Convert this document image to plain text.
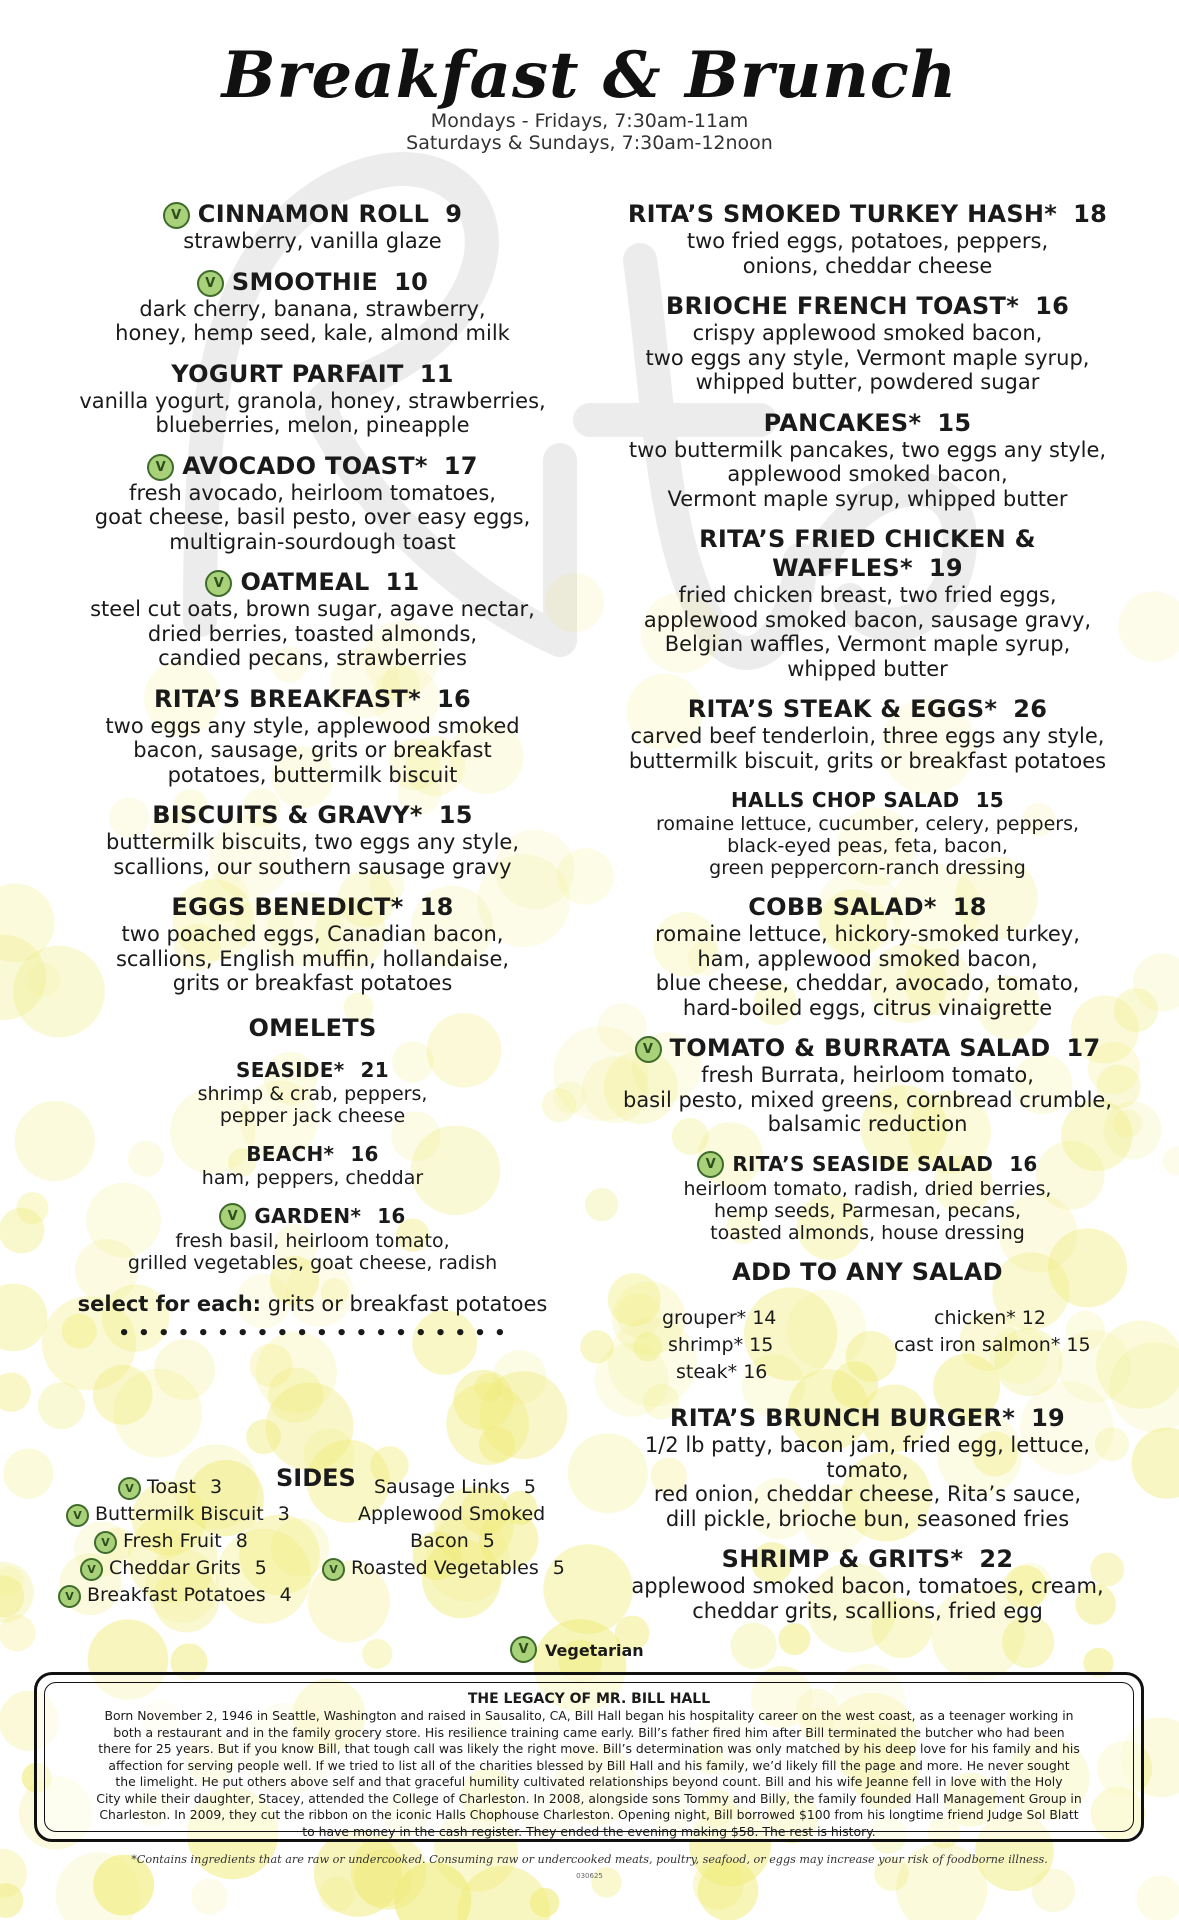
Breakfast & Brunch
Mondays - Fridays, 7:30am-11am
Saturdays & Sundays, 7:30am-12noon
V CINNAMON ROLL 9
strawberry, vanilla glaze
V SMOOTHIE 10
dark cherry, banana, strawberry,
honey, hemp seed, kale, almond milk
YOGURT PARFAIT 11
vanilla yogurt, granola, honey, strawberries,
blueberries, melon, pineapple
V AVOCADO TOAST* 17
fresh avocado, heirloom tomatoes,
goat cheese, basil pesto, over easy eggs,
multigrain-sourdough toast
V OATMEAL 11
steel cut oats, brown sugar, agave nectar,
dried berries, toasted almonds,
candied pecans, strawberries
RITA’S BREAKFAST* 16
two eggs any style, applewood smoked
bacon, sausage, grits or breakfast
potatoes, buttermilk biscuit
BISCUITS & GRAVY* 15
buttermilk biscuits, two eggs any style,
scallions, our southern sausage gravy
EGGS BENEDICT* 18
two poached eggs, Canadian bacon,
scallions, English muffin, hollandaise,
grits or breakfast potatoes
OMELETS
SEASIDE* 21
shrimp & crab, peppers,
pepper jack cheese
BEACH* 16
ham, peppers, cheddar
V GARDEN* 16
fresh basil, heirloom tomato,
grilled vegetables, goat cheese, radish
select for each: grits or breakfast potatoes
• • • • • • • • • • • • • • • • • • • •
SIDES
V Toast 3
V Buttermilk Biscuit 3
V Fresh Fruit 8
V Cheddar Grits 5
V Breakfast Potatoes 4
Sausage Links 5
Applewood Smoked
Bacon 5
V Roasted Vegetables 5
RITA’S SMOKED TURKEY HASH* 18
two fried eggs, potatoes, peppers,
onions, cheddar cheese
BRIOCHE FRENCH TOAST* 16
crispy applewood smoked bacon,
two eggs any style, Vermont maple syrup,
whipped butter, powdered sugar
PANCAKES* 15
two buttermilk pancakes, two eggs any style,
applewood smoked bacon,
Vermont maple syrup, whipped butter
RITA’S FRIED CHICKEN & WAFFLES* 19
fried chicken breast, two fried eggs,
applewood smoked bacon, sausage gravy,
Belgian waffles, Vermont maple syrup,
whipped butter
RITA’S STEAK & EGGS* 26
carved beef tenderloin, three eggs any style,
buttermilk biscuit, grits or breakfast potatoes
HALLS CHOP SALAD 15
romaine lettuce, cucumber, celery, peppers,
black-eyed peas, feta, bacon,
green peppercorn-ranch dressing
COBB SALAD* 18
romaine lettuce, hickory-smoked turkey,
ham, applewood smoked bacon,
blue cheese, cheddar, avocado, tomato,
hard-boiled eggs, citrus vinaigrette
V TOMATO & BURRATA SALAD 17
fresh Burrata, heirloom tomato,
basil pesto, mixed greens, cornbread crumble,
balsamic reduction
V RITA’S SEASIDE SALAD 16
heirloom tomato, radish, dried berries,
hemp seeds, Parmesan, pecans,
toasted almonds, house dressing
ADD TO ANY SALAD
grouper* 14
shrimp* 15
steak* 16
chicken* 12
cast iron salmon* 15
RITA’S BRUNCH BURGER* 19
1/2 lb patty, bacon jam, fried egg, lettuce, tomato,
red onion, cheddar cheese, Rita’s sauce,
dill pickle, brioche bun, seasoned fries
SHRIMP & GRITS* 22
applewood smoked bacon, tomatoes, cream,
cheddar grits, scallions, fried egg
V Vegetarian
THE LEGACY OF MR. BILL HALL
Born November 2, 1946 in Seattle, Washington and raised in Sausalito, CA, Bill Hall began his hospitality career on the west coast, as a teenager working in
both a restaurant and in the family grocery store. His resilience training came early. Bill’s father fired him after Bill terminated the butcher who had been
there for 25 years. But if you know Bill, that tough call was likely the right move. Bill’s determination was only matched by his deep love for his family and his
affection for serving people well. If we tried to list all of the charities blessed by Bill Hall and his family, we’d likely fill the page and more. He never sought
the limelight. He put others above self and that graceful humility cultivated relationships beyond count. Bill and his wife Jeanne fell in love with the Holy
City while their daughter, Stacey, attended the College of Charleston. In 2008, alongside sons Tommy and Billy, the family founded Hall Management Group in
Charleston. In 2009, they cut the ribbon on the iconic Halls Chophouse Charleston. Opening night, Bill borrowed $100 from his longtime friend Judge Sol Blatt
to have money in the cash register. They ended the evening making $58. The rest is history.
*Contains ingredients that are raw or undercooked. Consuming raw or undercooked meats, poultry, seafood, or eggs may increase your risk of foodborne illness.
030625
